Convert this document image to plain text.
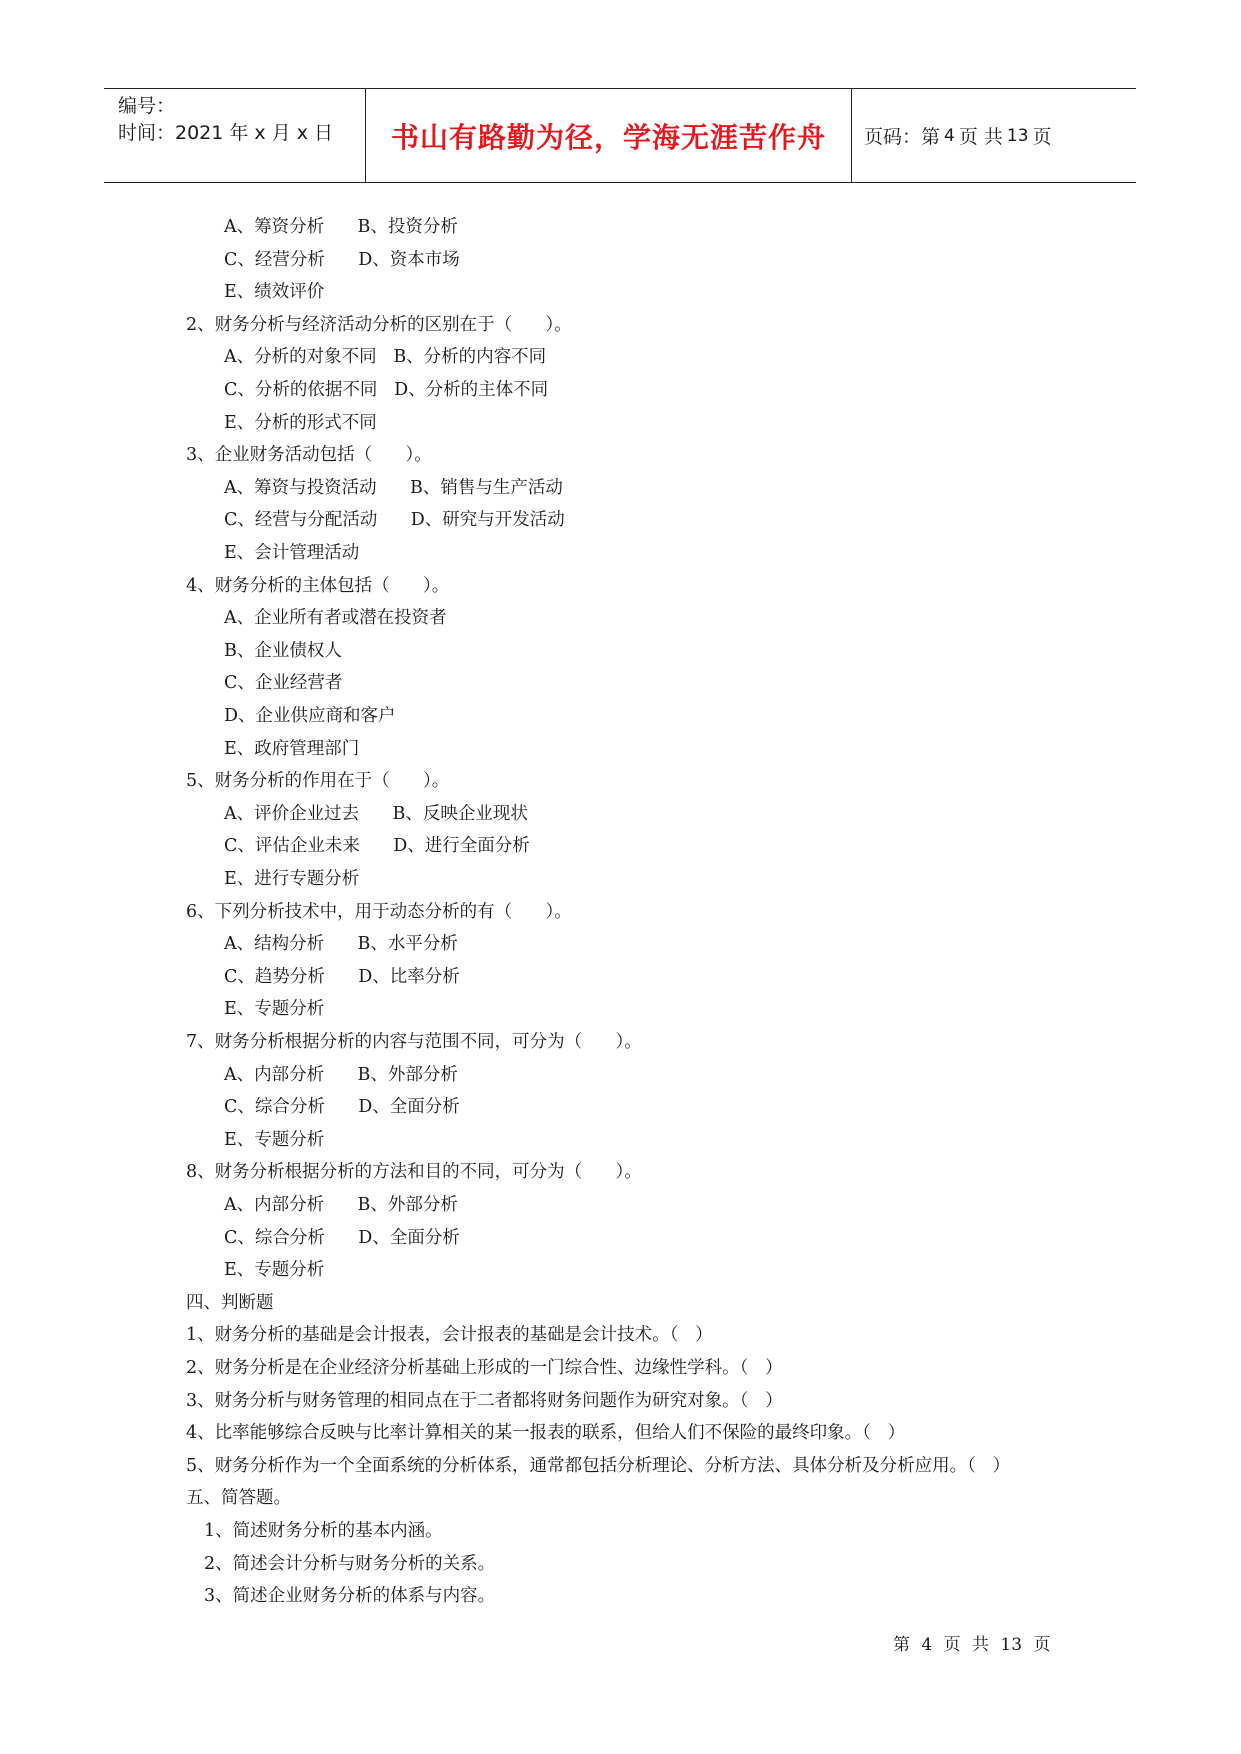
编号：
时间：2021 年 x 月 x 日	书山有路勤为径，学海无涯苦作舟 页码：第 4 页 共 13 页
A、筹资分析      B、投资分析
C、经营分析      D、资本市场
E、绩效评价
2、财务分析与经济活动分析的区别在于（      ）。
A、分析的对象不同   B、分析的内容不同
C、分析的依据不同   D、分析的主体不同
E、分析的形式不同
3、企业财务活动包括（      ）。
A、筹资与投资活动      B、销售与生产活动
C、经营与分配活动      D、研究与开发活动
E、会计管理活动
4、财务分析的主体包括（      ）。
A、企业所有者或潜在投资者
B、企业债权人
C、企业经营者
D、企业供应商和客户
E、政府管理部门
5、财务分析的作用在于（      ）。
A、评价企业过去      B、反映企业现状
C、评估企业未来      D、进行全面分析
E、进行专题分析
6、下列分析技术中，用于动态分析的有（      ）。
A、结构分析      B、水平分析
C、趋势分析      D、比率分析
E、专题分析
7、财务分析根据分析的内容与范围不同，可分为（      ）。
A、内部分析      B、外部分析
C、综合分析      D、全面分析
E、专题分析
8、财务分析根据分析的方法和目的不同，可分为（      ）。
A、内部分析      B、外部分析
C、综合分析      D、全面分析
E、专题分析
四、判断题
1、财务分析的基础是会计报表，会计报表的基础是会计技术。（   ）
2、财务分析是在企业经济分析基础上形成的一门综合性、边缘性学科。（   ）
3、财务分析与财务管理的相同点在于二者都将财务问题作为研究对象。（   ）
4、比率能够综合反映与比率计算相关的某一报表的联系，但给人们不保险的最终印象。（   ）
5、财务分析作为一个全面系统的分析体系，通常都包括分析理论、分析方法、具体分析及分析应用。（   ）
五、简答题。
1、简述财务分析的基本内涵。
2、简述会计分析与财务分析的关系。
3、简述企业财务分析的体系与内容。
第 4 页 共 13 页
